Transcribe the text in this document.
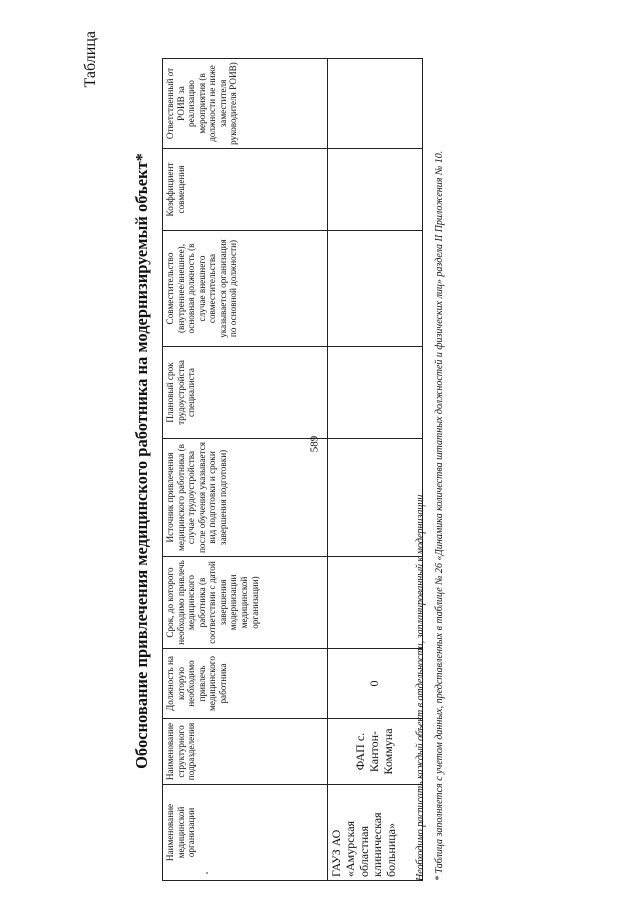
589
Таблица
Обоснование привлечения медицинского работника на модернизируемый объект*
Наименование медицинской организации	Наименование структурного подразделения	Должность на которую необходимо привлечь медицинского работника	Срок, до которого необходимо привлечь медицинского работника (в соответствии с датой завершения модернизации медицинской организации)	Источник привлечения медицинского работника (в случае трудоустройства после обучения указывается вид подготовки и сроки завершения подготовки)	Плановый срок трудоустройства специалиста	Совместительство (внутреннее/внешнее), основная должность (в случае внешнего совместительства указывается организация по основной должности)	Коэффициент совмещения	Ответственный от РОИВ за реализацию мероприятия (в должности не ниже заместителя руководителя РОИВ)
ГАУЗ АО «Амурская областная клиническая больница»	ФАП с. Кантон-Коммуна	0							Необходимо расписать каждый объект в отдельности, запланированный к модернизации * Таблица заполняется с учетом данных, представленных в таблице № 26 «Динамика количества штатных должностей и физических лиц» раздела II Приложения № 10.
